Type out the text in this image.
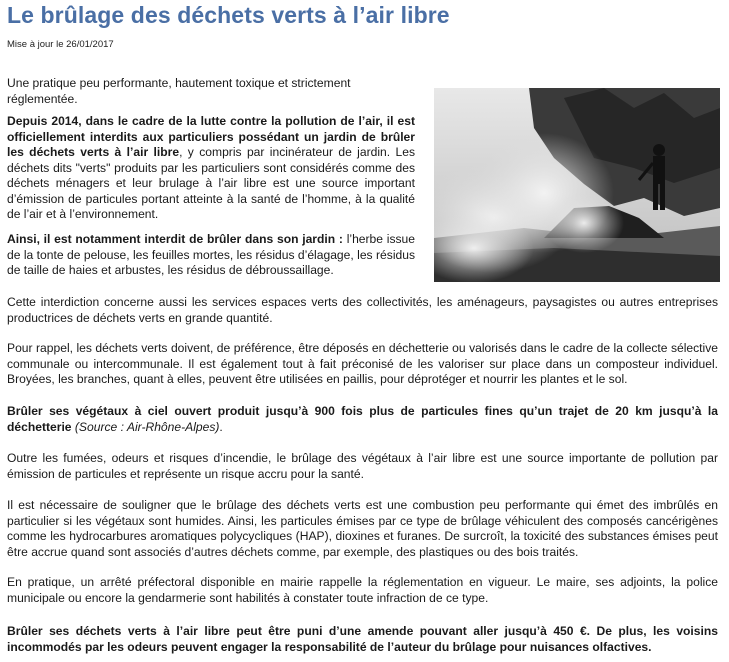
Le brûlage des déchets verts à l’air libre
Mise à jour le 26/01/2017

Une pratique peu performante, hautement toxique et strictement réglementée.

Depuis 2014, dans le cadre de la lutte contre la pollution de l’air, il est officiellement interdits aux particuliers possédant un jardin de brûler les déchets verts à l’air libre, y compris par incinérateur de jardin. Les déchets dits "verts" produits par les particuliers sont considérés comme des déchets ménagers et leur brulage à l’air libre est une source important d’émission de particules portant atteinte à la santé de l’homme, à la qualité de l’air et à l’environnement.

Ainsi, il est notamment interdit de brûler dans son jardin : l’herbe issue de la tonte de pelouse, les feuilles mortes, les résidus d’élagage, les résidus de taille de haies et arbustes, les résidus de débroussaillage.

Cette interdiction concerne aussi les services espaces verts des collectivités, les aménageurs, paysagistes ou autres entreprises productrices de déchets verts en grande quantité.

Pour rappel, les déchets verts doivent, de préférence, être déposés en déchetterie ou valorisés dans le cadre de la collecte sélective communale ou intercommunale. Il est également tout à fait préconisé de les valoriser sur place dans un composteur individuel. Broyées, les branches, quant à elles, peuvent être utilisées en paillis, pour déprotéger et nourrir les plantes et le sol.

Brûler ses végétaux à ciel ouvert produit jusqu’à 900 fois plus de particules fines qu’un trajet de 20 km jusqu’à la déchetterie (Source : Air-Rhône-Alpes).

Outre les fumées, odeurs et risques d’incendie, le brûlage des végétaux à l’air libre est une source importante de pollution par émission de particules et représente un risque accru pour la santé.

Il est nécessaire de souligner que le brûlage des déchets verts est une combustion peu performante qui émet des imbrûlés en particulier si les végétaux sont humides. Ainsi, les particules émises par ce type de brûlage véhiculent des composés cancérigènes comme les hydrocarbures aromatiques polycycliques (HAP), dioxines et furanes. De surcroît, la toxicité des substances émises peut être accrue quand sont associés d’autres déchets comme, par exemple, des plastiques ou des bois traités.

En pratique, un arrêté préfectoral disponible en mairie rappelle la réglementation en vigueur. Le maire, ses adjoints, la police municipale ou encore la gendarmerie sont habilités à constater toute infraction de ce type.

Brûler ses déchets verts à l’air libre peut être puni d’une amende pouvant aller jusqu’à 450 €. De plus, les voisins incommodés par les odeurs peuvent engager la responsabilité de l’auteur du brûlage pour nuisances olfactives.
